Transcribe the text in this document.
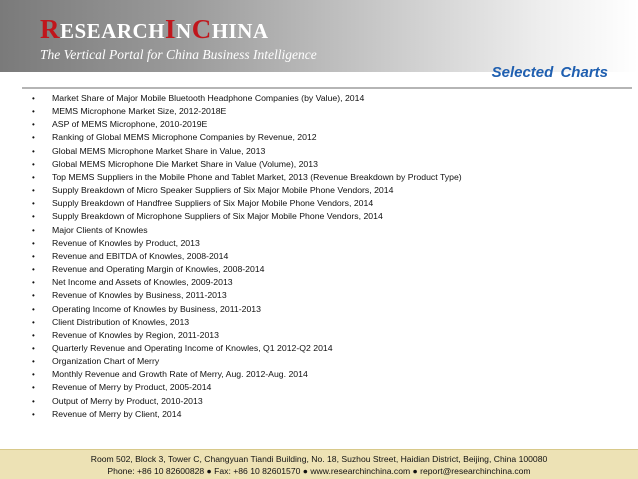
RESEARCHINCHINA
The Vertical Portal for China Business Intelligence
Selected Charts
• Market Share of Major Mobile Bluetooth Headphone Companies (by Value), 2014
• MEMS Microphone Market Size, 2012-2018E
• ASP of MEMS Microphone, 2010-2019E
• Ranking of Global MEMS Microphone Companies by Revenue, 2012
• Global MEMS Microphone Market Share in Value, 2013
• Global MEMS Microphone Die Market Share in Value (Volume), 2013
• Top MEMS Suppliers in the Mobile Phone and Tablet Market, 2013 (Revenue Breakdown by Product Type)
• Supply Breakdown of Micro Speaker Suppliers of Six Major Mobile Phone Vendors, 2014
• Supply Breakdown of Handfree Suppliers of Six Major Mobile Phone Vendors, 2014
• Supply Breakdown of Microphone Suppliers of Six Major Mobile Phone Vendors, 2014
• Major Clients of Knowles
• Revenue of Knowles by Product, 2013
• Revenue and EBITDA of Knowles, 2008-2014
• Revenue and Operating Margin of Knowles, 2008-2014
• Net Income and Assets of Knowles, 2009-2013
• Revenue of Knowles by Business, 2011-2013
• Operating Income of Knowles by Business, 2011-2013
• Client Distribution of Knowles, 2013
• Revenue of Knowles by Region, 2011-2013
• Quarterly Revenue and Operating Income of Knowles, Q1 2012-Q2 2014
• Organization Chart of Merry
• Monthly Revenue and Growth Rate of Merry, Aug. 2012-Aug. 2014
• Revenue of Merry by Product, 2005-2014
• Output of Merry by Product, 2010-2013
• Revenue of Merry by Client, 2014
Room 502, Block 3, Tower C, Changyuan Tiandi Building, No. 18, Suzhou Street, Haidian District, Beijing, China 100080
Phone: +86 10 82600828 ● Fax: +86 10 82601570 ● www.researchinchina.com ● report@researchinchina.com
